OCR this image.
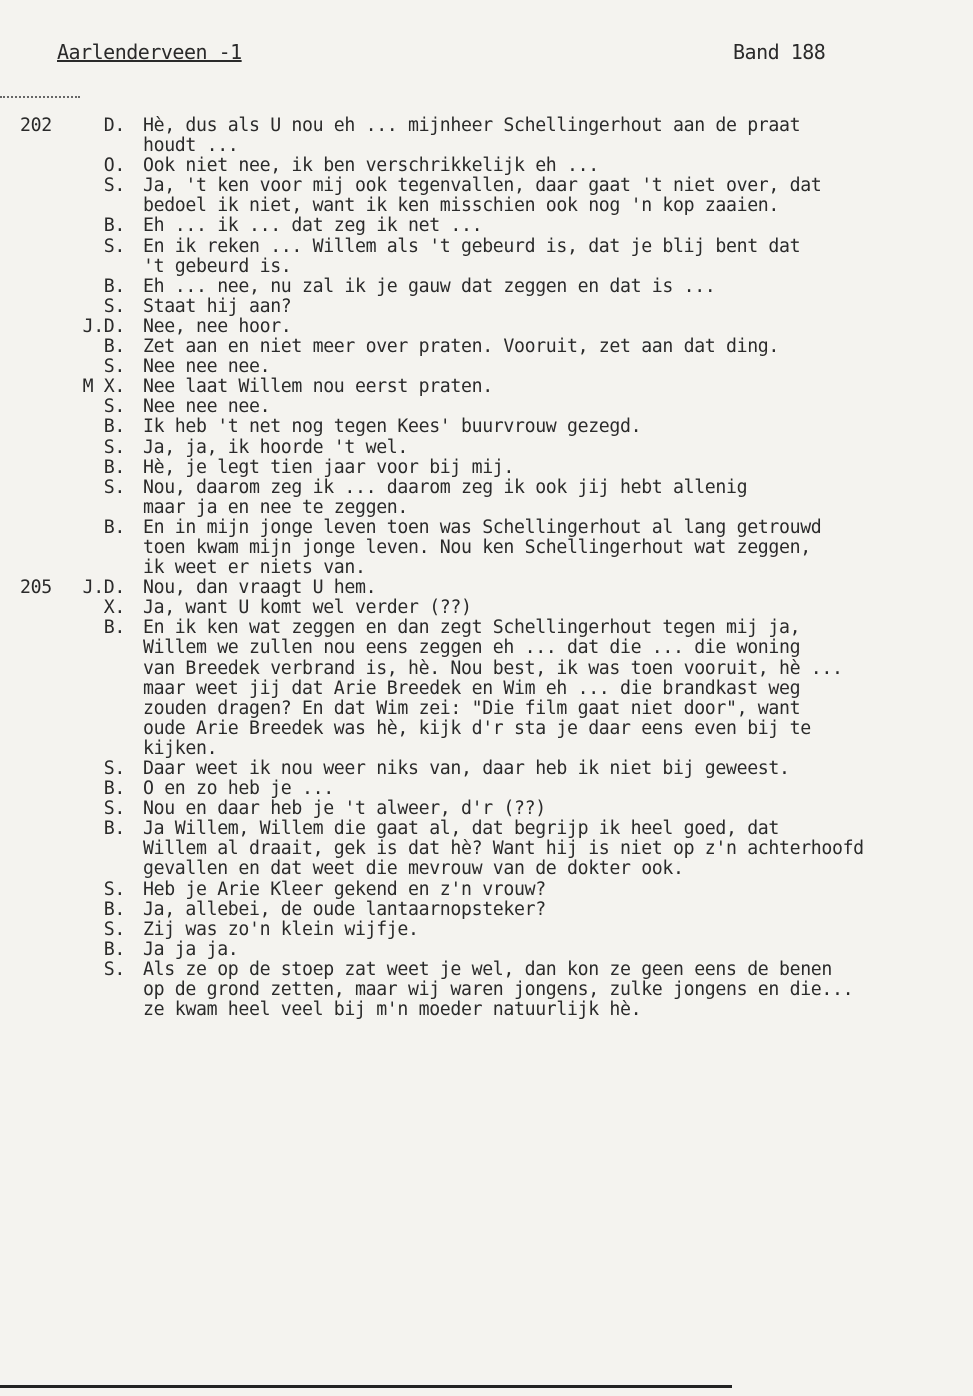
Aarlenderveen -1	Band 188
202	D. Hè, dus als U nou eh ... mijnheer Schellingerhout aan de praat
houdt ...
O. Ook niet nee, ik ben verschrikkelijk eh ...
S. Ja, 't ken voor mij ook tegenvallen, daar gaat 't niet over, dat
bedoel ik niet, want ik ken misschien ook nog 'n kop zaaien.
B. Eh ... ik ... dat zeg ik net ...
S. En ik reken ... Willem als 't gebeurd is, dat je blij bent dat
't gebeurd is.
B. Eh ... nee, nu zal ik je gauw dat zeggen en dat is ...
S. Staat hij aan?
J.D. Nee, nee hoor.
B. Zet aan en niet meer over praten. Vooruit, zet aan dat ding.
S. Nee nee nee.
M X. Nee laat Willem nou eerst praten.
S. Nee nee nee.
B. Ik heb 't net nog tegen Kees' buurvrouw gezegd.
S. Ja, ja, ik hoorde 't wel.
B. Hè, je legt tien jaar voor bij mij.
S. Nou, daarom zeg ik ... daarom zeg ik ook jij hebt allenig
maar ja en nee te zeggen.
B. En in mijn jonge leven toen was Schellingerhout al lang getrouwd
toen kwam mijn jonge leven. Nou ken Schellingerhout wat zeggen,
ik weet er niets van.
205	J.D. Nou, dan vraagt U hem.
X. Ja, want U komt wel verder (??)
B. En ik ken wat zeggen en dan zegt Schellingerhout tegen mij ja,
Willem we zullen nou eens zeggen eh ... dat die ... die woning
van Breedek verbrand is, hè. Nou best, ik was toen vooruit, hè ...
maar weet jij dat Arie Breedek en Wim eh ... die brandkast weg
zouden dragen? En dat Wim zei: "Die film gaat niet door", want
oude Arie Breedek was hè, kijk d'r sta je daar eens even bij te
kijken.
S. Daar weet ik nou weer niks van, daar heb ik niet bij geweest.
B. O en zo heb je ...
S. Nou en daar heb je 't alweer, d'r (??)
B. Ja Willem, Willem die gaat al, dat begrijp ik heel goed, dat
Willem al draait, gek is dat hè? Want hij is niet op z'n achterhoofd
gevallen en dat weet die mevrouw van de dokter ook.
S. Heb je Arie Kleer gekend en z'n vrouw?
B. Ja, allebei, de oude lantaarnopsteker?
S. Zij was zo'n klein wijfje.
B. Ja ja ja.
S. Als ze op de stoep zat weet je wel, dan kon ze geen eens de benen
op de grond zetten, maar wij waren jongens, zulke jongens en die...
ze kwam heel veel bij m'n moeder natuurlijk hè.
